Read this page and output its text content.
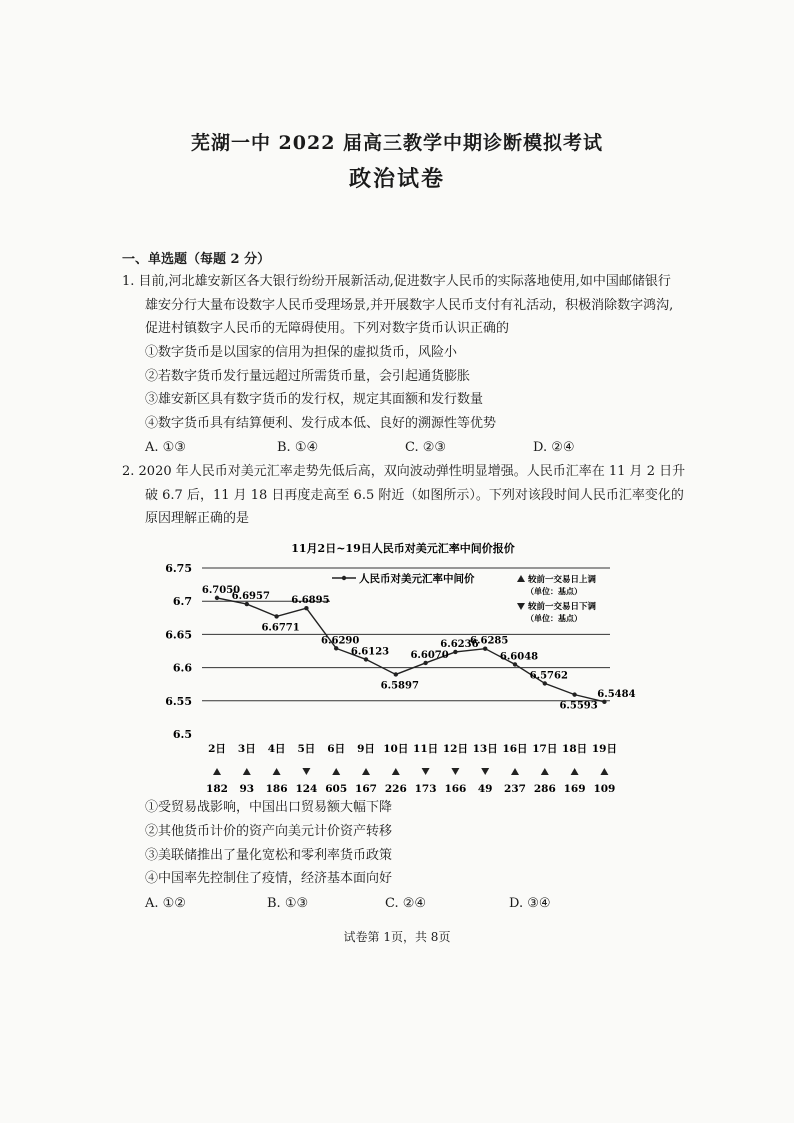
芜湖一中 2022 届高三教学中期诊断模拟考试
政治试卷
一、单选题（每题 2 分）
1. 目前,河北雄安新区各大银行纷纷开展新活动,促进数字人民币的实际落地使用,如中国邮储银行
雄安分行大量布设数字人民币受理场景,并开展数字人民币支付有礼活动，积极消除数字鸿沟,
促进村镇数字人民币的无障碍使用。下列对数字货币认识正确的
①数字货币是以国家的信用为担保的虚拟货币，风险小
②若数字货币发行量远超过所需货币量，会引起通货膨胀
③雄安新区具有数字货币的发行权，规定其面额和发行数量
④数字货币具有结算便利、发行成本低、良好的溯源性等优势
A. ①③	B. ①④	C. ②③	D. ②④
2. 2020 年人民币对美元汇率走势先低后高，双向波动弹性明显增强。人民币汇率在 11 月 2 日升
破 6.7 后，11 月 18 日再度走高至 6.5 附近（如图所示）。下列对该段时间人民币汇率变化的
原因理解正确的是
11月2日~19日人民币对美元汇率中间价报价
6.75
6.7
6.65
6.6
6.55
6.5
6.7050
6.6957
6.6771
6.6895
6.6290
6.6123
6.5897
6.6070
6.6236
6.6285
6.6048
6.5762
6.5593
6.5484
2日 3日 4日 5日 6日 9日 10日 11日 12日 13日 16日 17日 18日 19日
182 93 186 124 605 167 226 173 166 49 237 286 169 109
人民币对美元汇率中间价	较前一交易日上调
（单位：基点）
较前一交易日下调
（单位：基点）
①受贸易战影响，中国出口贸易额大幅下降
②其他货币计价的资产向美元计价资产转移
③美联储推出了量化宽松和零利率货币政策
④中国率先控制住了疫情，经济基本面向好
A. ①②	B. ①③	C. ②④	D. ③④
试卷第 1页，共 8页
